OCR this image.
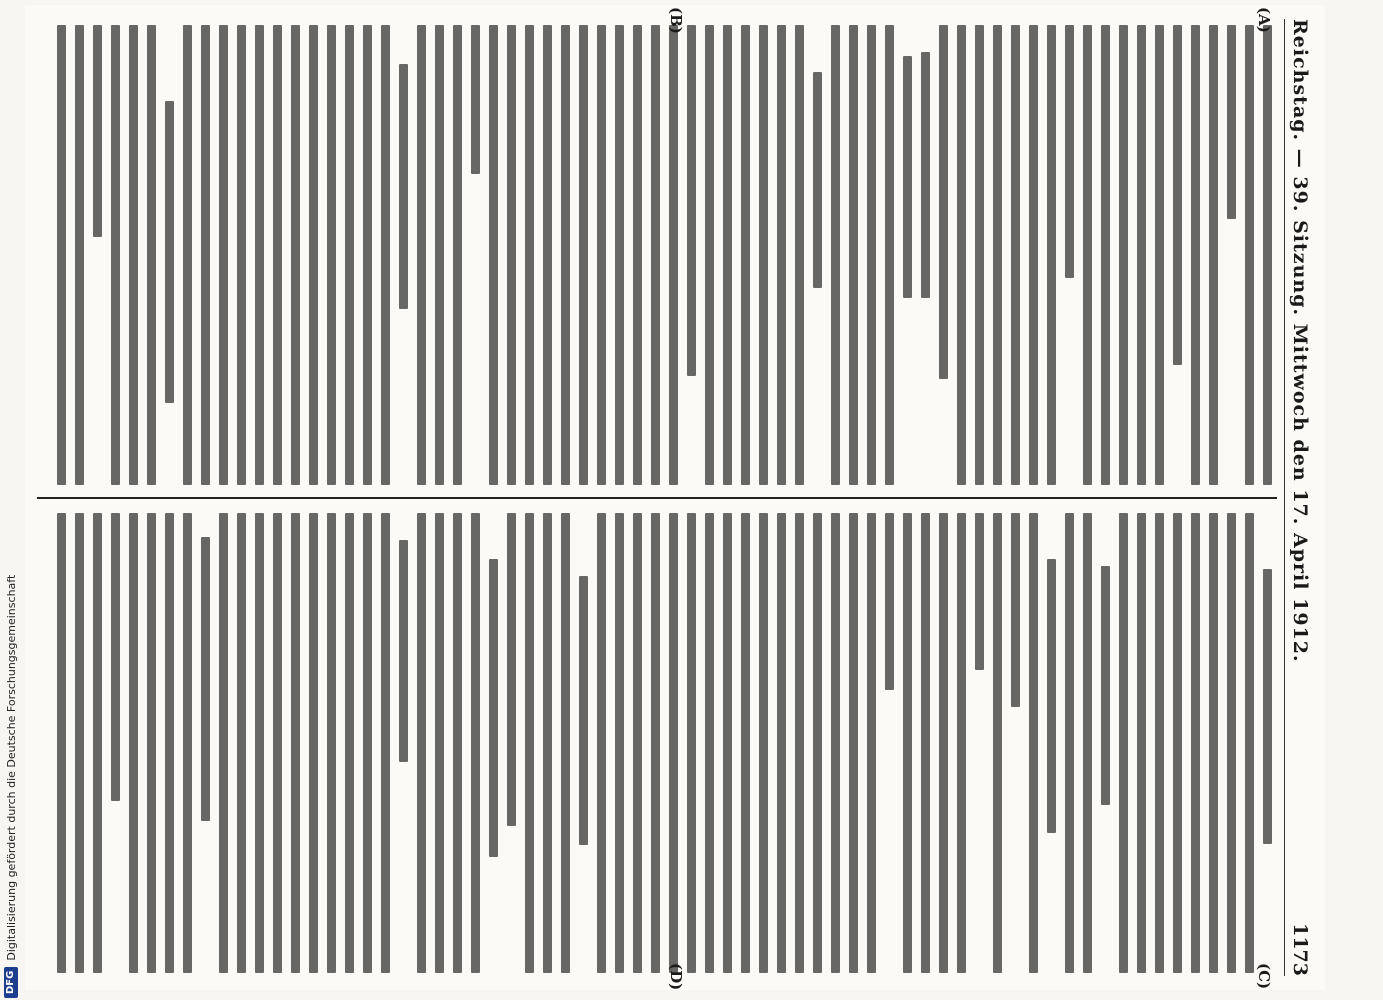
Reichstag. — 39. Sitzung. Mittwoch den 17. April 1912.
1173
(A)
(B)
(C)
(D)
DFG
Digitalisierung gefördert durch die Deutsche Forschungsgemeinschaft
